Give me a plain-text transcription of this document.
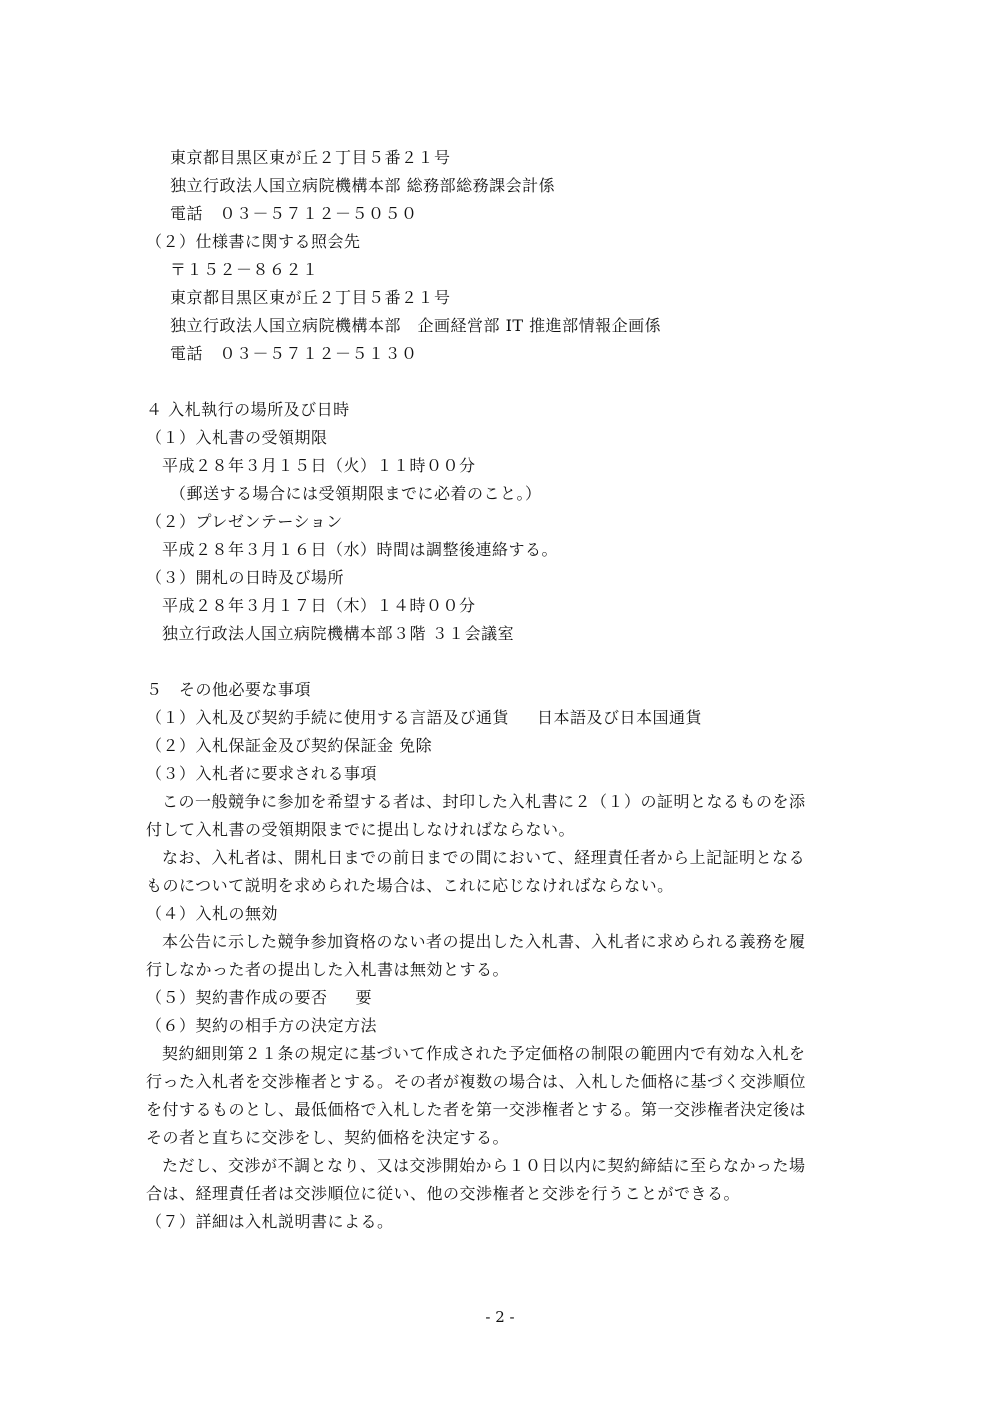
東京都目黒区東が丘２丁目５番２１号
独立行政法人国立病院機構本部 総務部総務課会計係
電話　０３－５７１２－５０５０
（２）仕様書に関する照会先
〒１５２－８６２１
東京都目黒区東が丘２丁目５番２１号
独立行政法人国立病院機構本部　企画経営部 IT 推進部情報企画係
電話　０３－５７１２－５１３０
４ 入札執行の場所及び日時
（１）入札書の受領期限
平成２８年３月１５日（火）１１時００分
（郵送する場合には受領期限までに必着のこと。）
（２）プレゼンテーション
平成２８年３月１６日（水）時間は調整後連絡する。
（３）開札の日時及び場所
平成２８年３月１７日（木）１４時００分
独立行政法人国立病院機構本部３階 ３１会議室
５　その他必要な事項
（１）入札及び契約手続に使用する言語及び通貨 日本語及び日本国通貨
（２）入札保証金及び契約保証金 免除
（３）入札者に要求される事項
この一般競争に参加を希望する者は、封印した入札書に２（１）の証明となるものを添
付して入札書の受領期限までに提出しなければならない。
なお、入札者は、開札日までの前日までの間において、経理責任者から上記証明となる
ものについて説明を求められた場合は、これに応じなければならない。
（４）入札の無効
本公告に示した競争参加資格のない者の提出した入札書、入札者に求められる義務を履
行しなかった者の提出した入札書は無効とする。
（５）契約書作成の要否 要
（６）契約の相手方の決定方法
契約細則第２１条の規定に基づいて作成された予定価格の制限の範囲内で有効な入札を
行った入札者を交渉権者とする。その者が複数の場合は、入札した価格に基づく交渉順位
を付するものとし、最低価格で入札した者を第一交渉権者とする。第一交渉権者決定後は
その者と直ちに交渉をし、契約価格を決定する。
ただし、交渉が不調となり、又は交渉開始から１０日以内に契約締結に至らなかった場
合は、経理責任者は交渉順位に従い、他の交渉権者と交渉を行うことができる。
（７）詳細は入札説明書による。
- 2 -
